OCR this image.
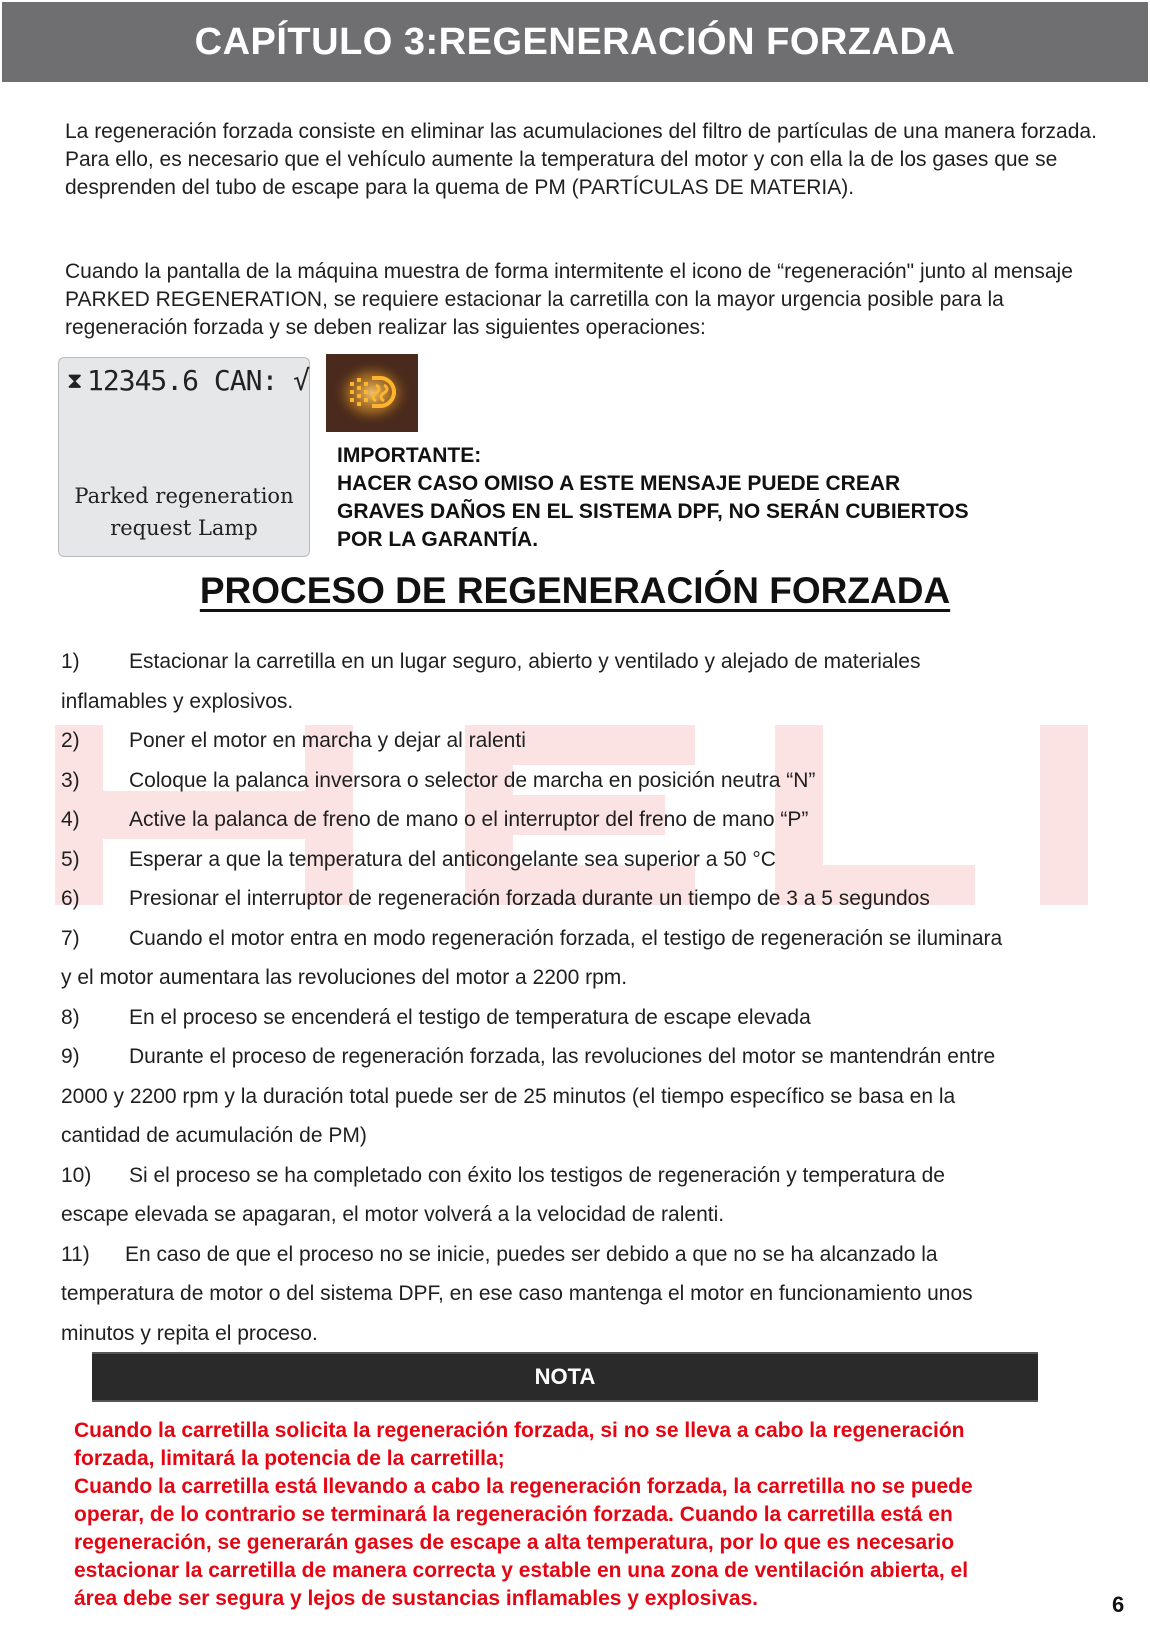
CAPÍTULO 3:REGENERACIÓN FORZADA

La regeneración forzada consiste en eliminar las acumulaciones del filtro de partículas de una manera forzada. Para ello, es necesario que el vehículo aumente la temperatura del motor y con ella la de los gases que se desprenden del tubo de escape para la quema de PM (PARTÍCULAS DE MATERIA).

Cuando la pantalla de la máquina muestra de forma intermitente el icono de “regeneración" junto al mensaje PARKED REGENERATION, se requiere estacionar la carretilla con la mayor urgencia posible para la regeneración forzada y se deben realizar las siguientes operaciones:

⧗ 12345.6 CAN: √
Parked regeneration
request Lamp
IMPORTANTE:
HACER CASO OMISO A ESTE MENSAJE PUEDE CREAR
GRAVES DAÑOS EN EL SISTEMA DPF, NO SERÁN CUBIERTOS
POR LA GARANTÍA.
PROCESO DE REGENERACIÓN FORZADA
1) Estacionar la carretilla en un lugar seguro, abierto y ventilado y alejado de materiales
inflamables y explosivos.
2) Poner el motor en marcha y dejar al ralenti
3) Coloque la palanca inversora o selector de marcha en posición neutra “N”
4) Active la palanca de freno de mano o el interruptor del freno de mano “P”
5) Esperar a que la temperatura del anticongelante sea superior a 50 °C
6) Presionar el interruptor de regeneración forzada durante un tiempo de 3 a 5 segundos
7) Cuando el motor entra en modo regeneración forzada, el testigo de regeneración se iluminara
y el motor aumentara las revoluciones del motor a 2200 rpm.
8) En el proceso se encenderá el testigo de temperatura de escape elevada
9) Durante el proceso de regeneración forzada, las revoluciones del motor se mantendrán entre
2000 y 2200 rpm y la duración total puede ser de 25 minutos (el tiempo específico se basa en la
cantidad de acumulación de PM)
10) Si el proceso se ha completado con éxito los testigos de regeneración y temperatura de
escape elevada se apagaran, el motor volverá a la velocidad de ralenti.
11) En caso de que el proceso no se inicie, puedes ser debido a que no se ha alcanzado la
temperatura de motor o del sistema DPF, en ese caso mantenga el motor en funcionamiento unos
minutos y repita el proceso.
NOTA
Cuando la carretilla solicita la regeneración forzada, si no se lleva a cabo la regeneración
forzada, limitará la potencia de la carretilla;
Cuando la carretilla está llevando a cabo la regeneración forzada, la carretilla no se puede
operar, de lo contrario se terminará la regeneración forzada. Cuando la carretilla está en
regeneración, se generarán gases de escape a alta temperatura, por lo que es necesario
estacionar la carretilla de manera correcta y estable en una zona de ventilación abierta, el
área debe ser segura y lejos de sustancias inflamables y explosivas.	6
